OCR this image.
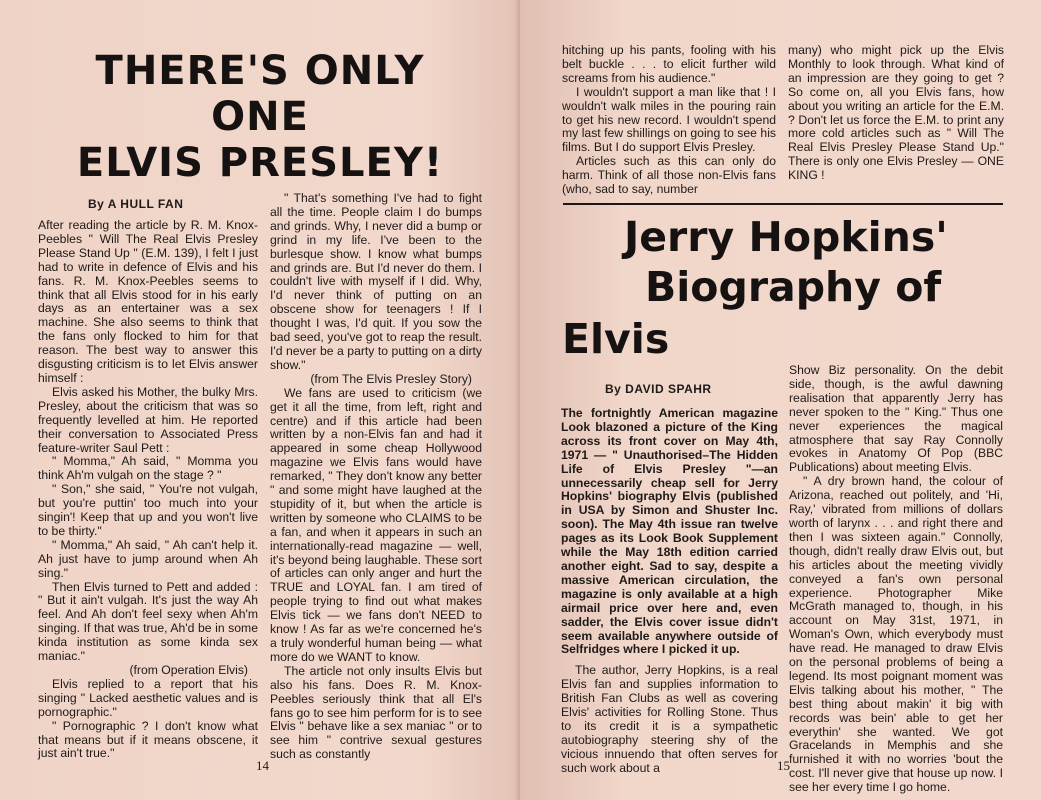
THERE'S ONLY
ONE
ELVIS PRESLEY!
By A HULL FAN

After reading the article by R. M. Knox-Peebles " Will The Real Elvis Presley Please Stand Up " (E.M. 139), I felt I just had to write in defence of Elvis and his fans. R. M. Knox-Peebles seems to think that all Elvis stood for in his early days as an entertainer was a sex machine. She also seems to think that the fans only flocked to him for that reason. The best way to answer this disgusting criticism is to let Elvis answer himself :

Elvis asked his Mother, the bulky Mrs. Presley, about the criticism that was so frequently levelled at him. He reported their conversation to Associated Press feature-writer Saul Pett :

" Momma," Ah said, " Momma you think Ah'm vulgah on the stage ? "

" Son," she said, " You're not vulgah, but you're puttin' too much into your singin'! Keep that up and you won't live to be thirty."

" Momma," Ah said, " Ah can't help it. Ah just have to jump around when Ah sing."

Then Elvis turned to Pett and added : " But it ain't vulgah. It's just the way Ah feel. And Ah don't feel sexy when Ah'm singing. If that was true, Ah'd be in some kinda institution as some kinda sex maniac."

(from Operation Elvis)

Elvis replied to a report that his singing " Lacked aesthetic values and is pornographic."

" Pornographic ? I don't know what that means but if it means obscene, it just ain't true."

" That's something I've had to fight all the time. People claim I do bumps and grinds. Why, I never did a bump or grind in my life. I've been to the burlesque show. I know what bumps and grinds are. But I'd never do them. I couldn't live with myself if I did. Why, I'd never think of putting on an obscene show for teenagers ! If I thought I was, I'd quit. If you sow the bad seed, you've got to reap the result. I'd never be a party to putting on a dirty show."

(from The Elvis Presley Story)

We fans are used to criticism (we get it all the time, from left, right and centre) and if this article had been written by a non-Elvis fan and had it appeared in some cheap Hollywood magazine we Elvis fans would have remarked, " They don't know any better " and some might have laughed at the stupidity of it, but when the article is written by someone who CLAIMS to be a fan, and when it appears in such an internationally-read magazine — well, it's beyond being laughable. These sort of articles can only anger and hurt the TRUE and LOYAL fan. I am tired of people trying to find out what makes Elvis tick — we fans don't NEED to know ! As far as we're concerned he's a truly wonderful human being — what more do we WANT to know.

The article not only insults Elvis but also his fans. Does R. M. Knox-Peebles seriously think that all El's fans go to see him perform for is to see Elvis " behave like a sex maniac " or to see him " contrive sexual gestures such as constantly

14

hitching up his pants, fooling with his belt buckle . . . to elicit further wild screams from his audience."

I wouldn't support a man like that ! I wouldn't walk miles in the pouring rain to get his new record. I wouldn't spend my last few shillings on going to see his films. But I do support Elvis Presley.

Articles such as this can only do harm. Think of all those non-Elvis fans (who, sad to say, number

many) who might pick up the Elvis Monthly to look through. What kind of an impression are they going to get ? So come on, all you Elvis fans, how about you writing an article for the E.M. ? Don't let us force the E.M. to print any more cold articles such as " Will The Real Elvis Presley Please Stand Up." There is only one Elvis Presley — ONE KING !

Jerry Hopkins'
Biography of
Elvis
By DAVID SPAHR

The fortnightly American magazine Look blazoned a picture of the King across its front cover on May 4th, 1971 — " Unauthorised–The Hidden Life of Elvis Presley "—an unnecessarily cheap sell for Jerry Hopkins' biography Elvis (published in USA by Simon and Shuster Inc. soon). The May 4th issue ran twelve pages as its Look Book Supplement while the May 18th edition carried another eight. Sad to say, despite a massive American circulation, the magazine is only available at a high airmail price over here and, even sadder, the Elvis cover issue didn't seem available anywhere outside of Selfridges where I picked it up.

The author, Jerry Hopkins, is a real Elvis fan and supplies information to British Fan Clubs as well as covering Elvis' activities for Rolling Stone. Thus to its credit it is a sympathetic autobiography steering shy of the vicious innuendo that often serves for such work about a

Show Biz personality. On the debit side, though, is the awful dawning realisation that apparently Jerry has never spoken to the " King." Thus one never experiences the magical atmosphere that say Ray Connolly evokes in Anatomy Of Pop (BBC Publications) about meeting Elvis.

" A dry brown hand, the colour of Arizona, reached out politely, and 'Hi, Ray,' vibrated from millions of dollars worth of larynx . . . and right there and then I was sixteen again." Connolly, though, didn't really draw Elvis out, but his articles about the meeting vividly conveyed a fan's own personal experience. Photographer Mike McGrath managed to, though, in his account on May 31st, 1971, in Woman's Own, which everybody must have read. He managed to draw Elvis on the personal problems of being a legend. Its most poignant moment was Elvis talking about his mother, " The best thing about makin' it big with records was bein' able to get her everythin' she wanted. We got Gracelands in Memphis and she furnished it with no worries 'bout the cost. I'll never give that house up now. I see her every time I go home.

15
